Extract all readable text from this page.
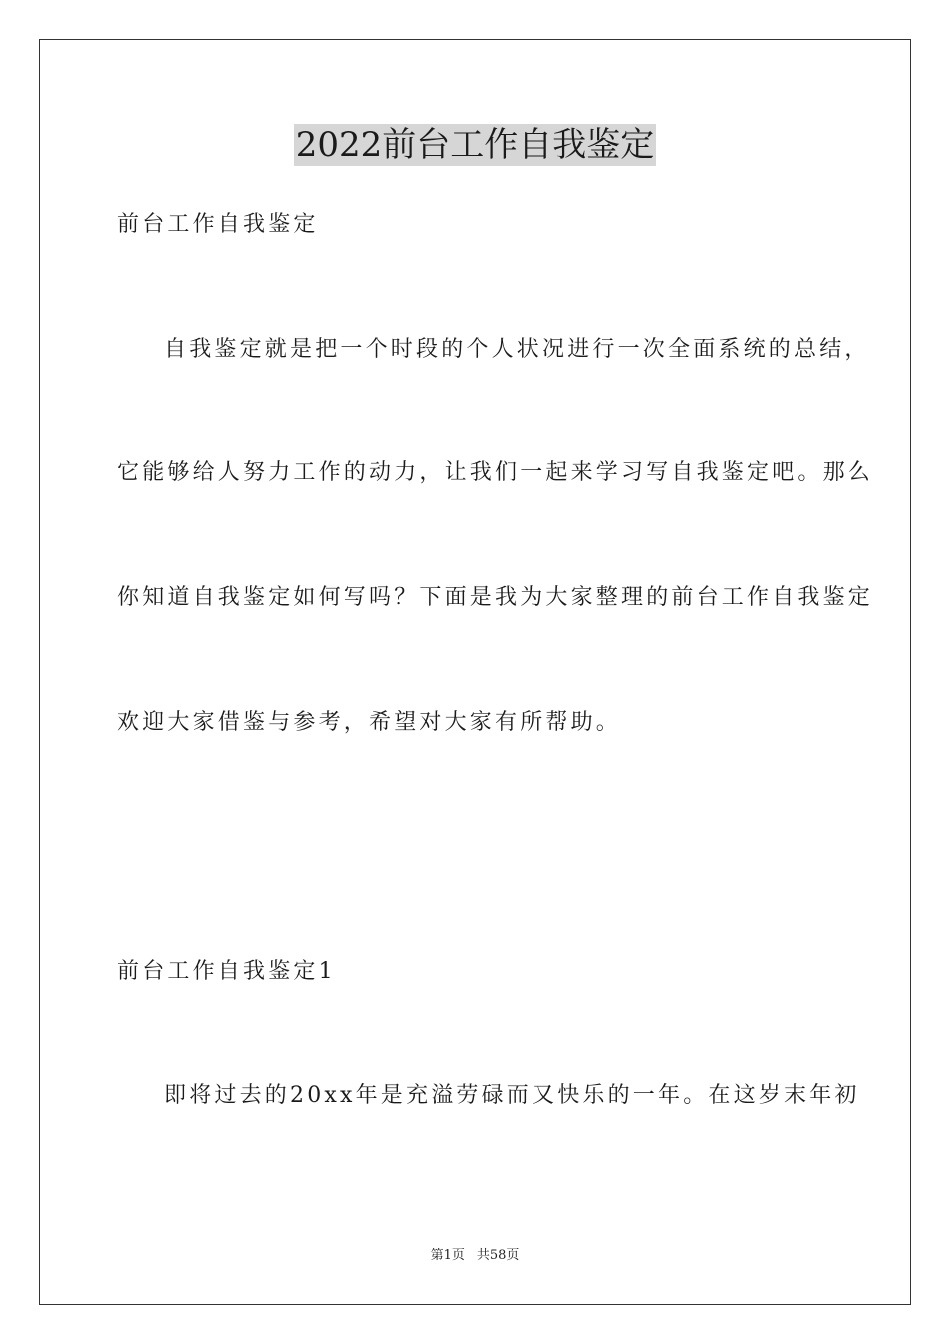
2022前台工作自我鉴定
前台工作自我鉴定
自我鉴定就是把一个时段的个人状况进行一次全面系统的总结，
它能够给人努力工作的动力，让我们一起来学习写自我鉴定吧。那么
你知道自我鉴定如何写吗？下面是我为大家整理的前台工作自我鉴定
欢迎大家借鉴与参考，希望对大家有所帮助。
前台工作自我鉴定1
即将过去的20xx年是充溢劳碌而又快乐的一年。在这岁末年初
第1页 共58页
